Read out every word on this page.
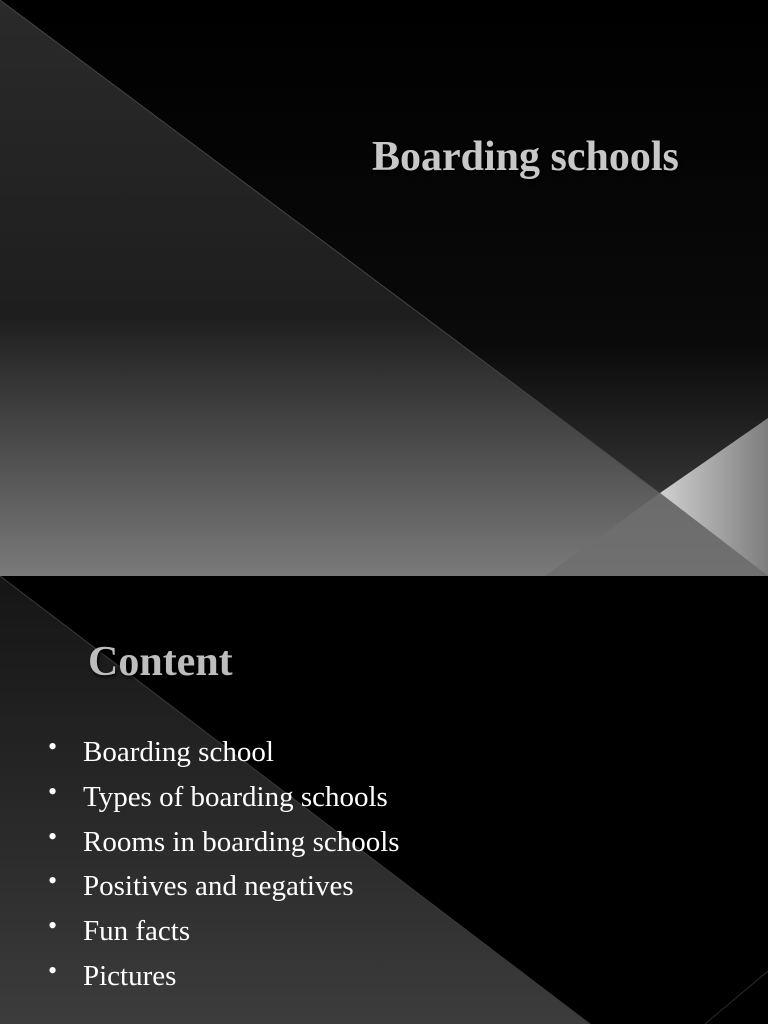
Boarding schools
Content
• Boarding school
• Types of boarding schools
• Rooms in boarding schools
• Positives and negatives
• Fun facts
• Pictures
